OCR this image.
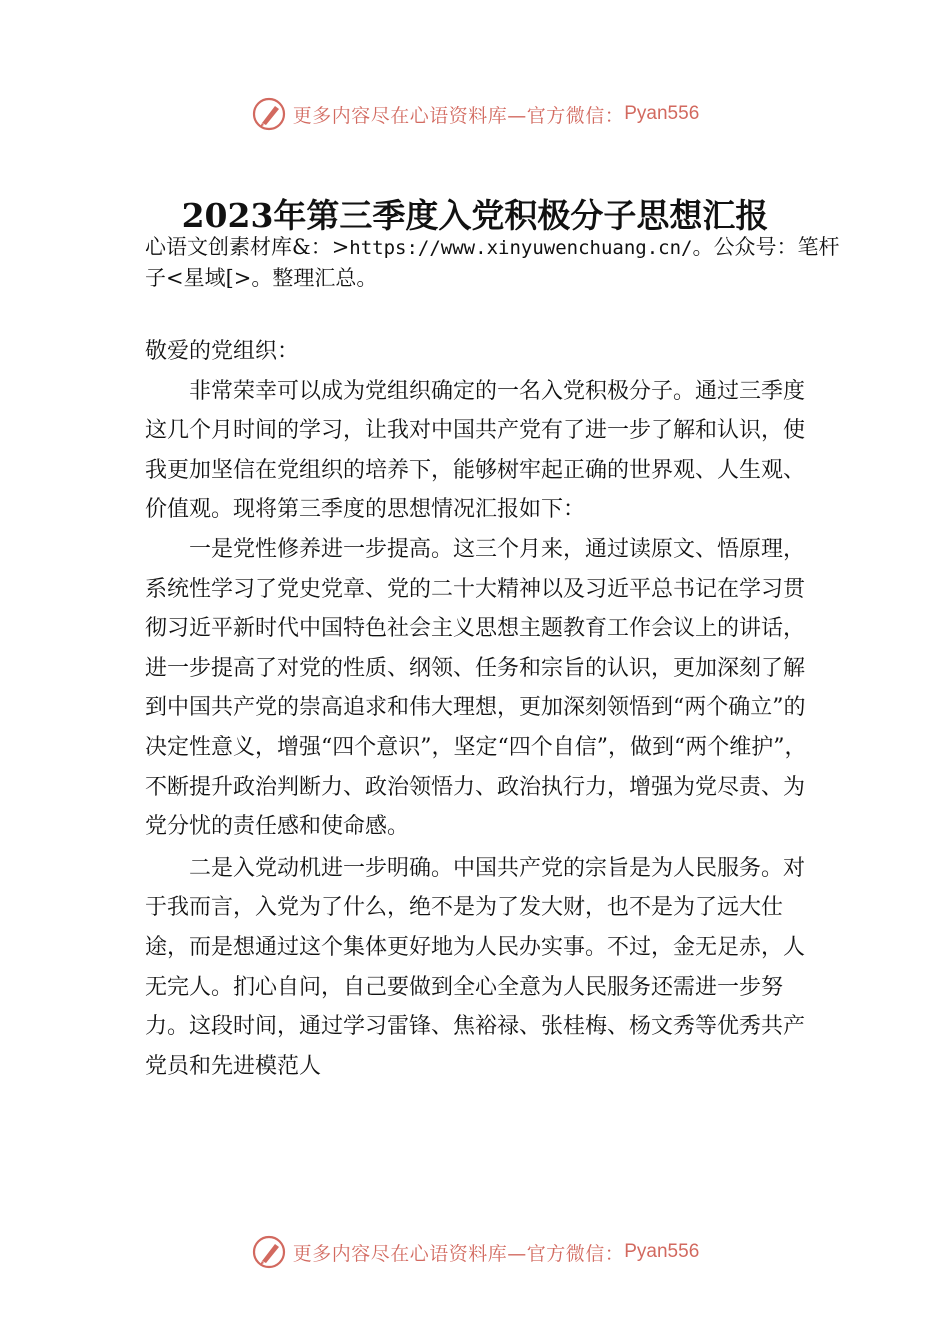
更多内容尽在心语资料库—官方微信： Pyan556
2023年第三季度入党积极分子思想汇报
心语文创素材库&：>https://www.xinyuwenchuang.cn/。公众号：笔杆子<星域[>。整理汇总。

敬爱的党组织：

非常荣幸可以成为党组织确定的一名入党积极分子。通过三季度这几个月时间的学习，让我对中国共产党有了进一步了解和认识，使我更加坚信在党组织的培养下，能够树牢起正确的世界观、人生观、价值观。现将第三季度的思想情况汇报如下：

一是党性修养进一步提高。这三个月来，通过读原文、悟原理，系统性学习了党史党章、党的二十大精神以及习近平总书记在学习贯彻习近平新时代中国特色社会主义思想主题教育工作会议上的讲话，进一步提高了对党的性质、纲领、任务和宗旨的认识，更加深刻了解到中国共产党的崇高追求和伟大理想，更加深刻领悟到“两个确立”的决定性意义，增强“四个意识”，坚定“四个自信”，做到“两个维护”，不断提升政治判断力、政治领悟力、政治执行力，增强为党尽责、为党分忧的责任感和使命感。

二是入党动机进一步明确。中国共产党的宗旨是为人民服务。对于我而言，入党为了什么，绝不是为了发大财，也不是为了远大仕途，而是想通过这个集体更好地为人民办实事。不过，金无足赤，人无完人。扪心自问，自己要做到全心全意为人民服务还需进一步努力。这段时间，通过学习雷锋、焦裕禄、张桂梅、杨文秀等优秀共产党员和先进模范人

更多内容尽在心语资料库—官方微信： Pyan556
